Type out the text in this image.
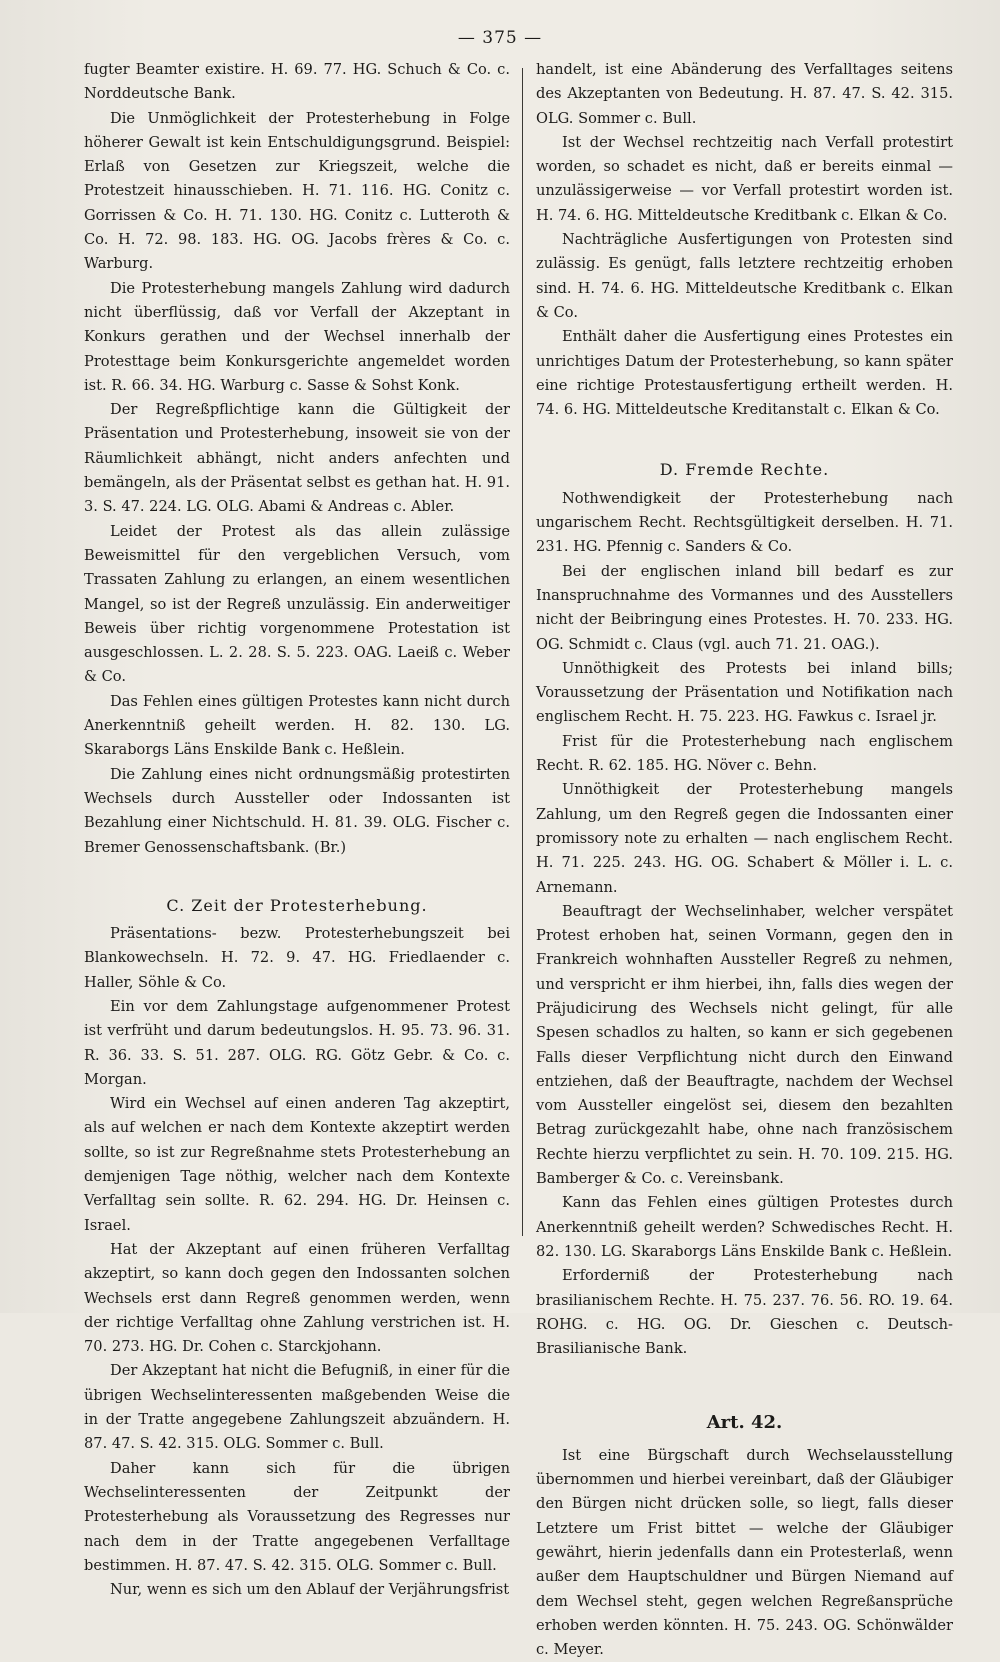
— 375 —

fugter Beamter existire. H. 69. 77. HG. Schuch & Co. c. Norddeutsche Bank.

Die Unmöglichkeit der Protesterhebung in Folge höherer Gewalt ist kein Entschuldigungsgrund. Beispiel: Erlaß von Gesetzen zur Kriegszeit, welche die Protestzeit hinausschieben. H. 71. 116. HG. Conitz c. Gorrissen & Co. H. 71. 130. HG. Conitz c. Lutteroth & Co. H. 72. 98. 183. HG. OG. Jacobs frères & Co. c. Warburg.

Die Protesterhebung mangels Zahlung wird dadurch nicht überflüssig, daß vor Verfall der Akzeptant in Konkurs gerathen und der Wechsel innerhalb der Protesttage beim Konkursgerichte angemeldet worden ist. R. 66. 34. HG. Warburg c. Sasse & Sohst Konk.

Der Regreßpflichtige kann die Gültigkeit der Präsentation und Protesterhebung, insoweit sie von der Räumlichkeit abhängt, nicht anders anfechten und bemängeln, als der Präsentat selbst es gethan hat. H. 91. 3. S. 47. 224. LG. OLG. Abami & Andreas c. Abler.

Leidet der Protest als das allein zulässige Beweismittel für den vergeblichen Versuch, vom Trassaten Zahlung zu erlangen, an einem wesentlichen Mangel, so ist der Regreß unzulässig. Ein anderweitiger Beweis über richtig vorgenommene Protestation ist ausgeschlossen. L. 2. 28. S. 5. 223. OAG. Laeiß c. Weber & Co.

Das Fehlen eines gültigen Protestes kann nicht durch Anerkenntniß geheilt werden. H. 82. 130. LG. Skaraborgs Läns Enskilde Bank c. Heßlein.

Die Zahlung eines nicht ordnungsmäßig protestirten Wechsels durch Aussteller oder Indossanten ist Bezahlung einer Nichtschuld. H. 81. 39. OLG. Fischer c. Bremer Genossenschaftsbank. (Br.)

C. Zeit der Protesterhebung.

Präsentations- bezw. Protesterhebungszeit bei Blankowechseln. H. 72. 9. 47. HG. Friedlaender c. Haller, Söhle & Co.

Ein vor dem Zahlungstage aufgenommener Protest ist verfrüht und darum bedeutungslos. H. 95. 73. 96. 31. R. 36. 33. S. 51. 287. OLG. RG. Götz Gebr. & Co. c. Morgan.

Wird ein Wechsel auf einen anderen Tag akzeptirt, als auf welchen er nach dem Kontexte akzeptirt werden sollte, so ist zur Regreßnahme stets Protesterhebung an demjenigen Tage nöthig, welcher nach dem Kontexte Verfalltag sein sollte. R. 62. 294. HG. Dr. Heinsen c. Israel.

Hat der Akzeptant auf einen früheren Verfalltag akzeptirt, so kann doch gegen den Indossanten solchen Wechsels erst dann Regreß genommen werden, wenn der richtige Verfalltag ohne Zahlung verstrichen ist. H. 70. 273. HG. Dr. Cohen c. Starckjohann.

Der Akzeptant hat nicht die Befugniß, in einer für die übrigen Wechselinteressenten maßgebenden Weise die in der Tratte angegebene Zahlungszeit abzuändern. H. 87. 47. S. 42. 315. OLG. Sommer c. Bull.

Daher kann sich für die übrigen Wechselinteressenten der Zeitpunkt der Protesterhebung als Voraussetzung des Regresses nur nach dem in der Tratte angegebenen Verfalltage bestimmen. H. 87. 47. S. 42. 315. OLG. Sommer c. Bull.

Nur, wenn es sich um den Ablauf der Verjährungsfrist

handelt, ist eine Abänderung des Verfalltages seitens des Akzeptanten von Bedeutung. H. 87. 47. S. 42. 315. OLG. Sommer c. Bull.

Ist der Wechsel rechtzeitig nach Verfall protestirt worden, so schadet es nicht, daß er bereits einmal — unzulässigerweise — vor Verfall protestirt worden ist. H. 74. 6. HG. Mitteldeutsche Kreditbank c. Elkan & Co.

Nachträgliche Ausfertigungen von Protesten sind zulässig. Es genügt, falls letztere rechtzeitig erhoben sind. H. 74. 6. HG. Mitteldeutsche Kreditbank c. Elkan & Co.

Enthält daher die Ausfertigung eines Protestes ein unrichtiges Datum der Protesterhebung, so kann später eine richtige Protestausfertigung ertheilt werden. H. 74. 6. HG. Mitteldeutsche Kreditanstalt c. Elkan & Co.

D. Fremde Rechte.

Nothwendigkeit der Protesterhebung nach ungarischem Recht. Rechtsgültigkeit derselben. H. 71. 231. HG. Pfennig c. Sanders & Co.

Bei der englischen inland bill bedarf es zur Inanspruchnahme des Vormannes und des Ausstellers nicht der Beibringung eines Protestes. H. 70. 233. HG. OG. Schmidt c. Claus (vgl. auch 71. 21. OAG.).

Unnöthigkeit des Protests bei inland bills; Voraussetzung der Präsentation und Notifikation nach englischem Recht. H. 75. 223. HG. Fawkus c. Israel jr.

Frist für die Protesterhebung nach englischem Recht. R. 62. 185. HG. Növer c. Behn.

Unnöthigkeit der Protesterhebung mangels Zahlung, um den Regreß gegen die Indossanten einer promissory note zu erhalten — nach englischem Recht. H. 71. 225. 243. HG. OG. Schabert & Möller i. L. c. Arnemann.

Beauftragt der Wechselinhaber, welcher verspätet Protest erhoben hat, seinen Vormann, gegen den in Frankreich wohnhaften Aussteller Regreß zu nehmen, und verspricht er ihm hierbei, ihn, falls dies wegen der Präjudicirung des Wechsels nicht gelingt, für alle Spesen schadlos zu halten, so kann er sich gegebenen Falls dieser Verpflichtung nicht durch den Einwand entziehen, daß der Beauftragte, nachdem der Wechsel vom Aussteller eingelöst sei, diesem den bezahlten Betrag zurückgezahlt habe, ohne nach französischem Rechte hierzu verpflichtet zu sein. H. 70. 109. 215. HG. Bamberger & Co. c. Vereinsbank.

Kann das Fehlen eines gültigen Protestes durch Anerkenntniß geheilt werden? Schwedisches Recht. H. 82. 130. LG. Skaraborgs Läns Enskilde Bank c. Heßlein.

Erforderniß der Protesterhebung nach brasilianischem Rechte. H. 75. 237. 76. 56. RO. 19. 64. ROHG. c. HG. OG. Dr. Gieschen c. Deutsch-Brasilianische Bank.

Art. 42.

Ist eine Bürgschaft durch Wechselausstellung übernommen und hierbei vereinbart, daß der Gläubiger den Bürgen nicht drücken solle, so liegt, falls dieser Letztere um Frist bittet — welche der Gläubiger gewährt, hierin jedenfalls dann ein Protesterlaß, wenn außer dem Hauptschuldner und Bürgen Niemand auf dem Wechsel steht, gegen welchen Regreßansprüche erhoben werden könnten. H. 75. 243. OG. Schönwälder c. Meyer.
